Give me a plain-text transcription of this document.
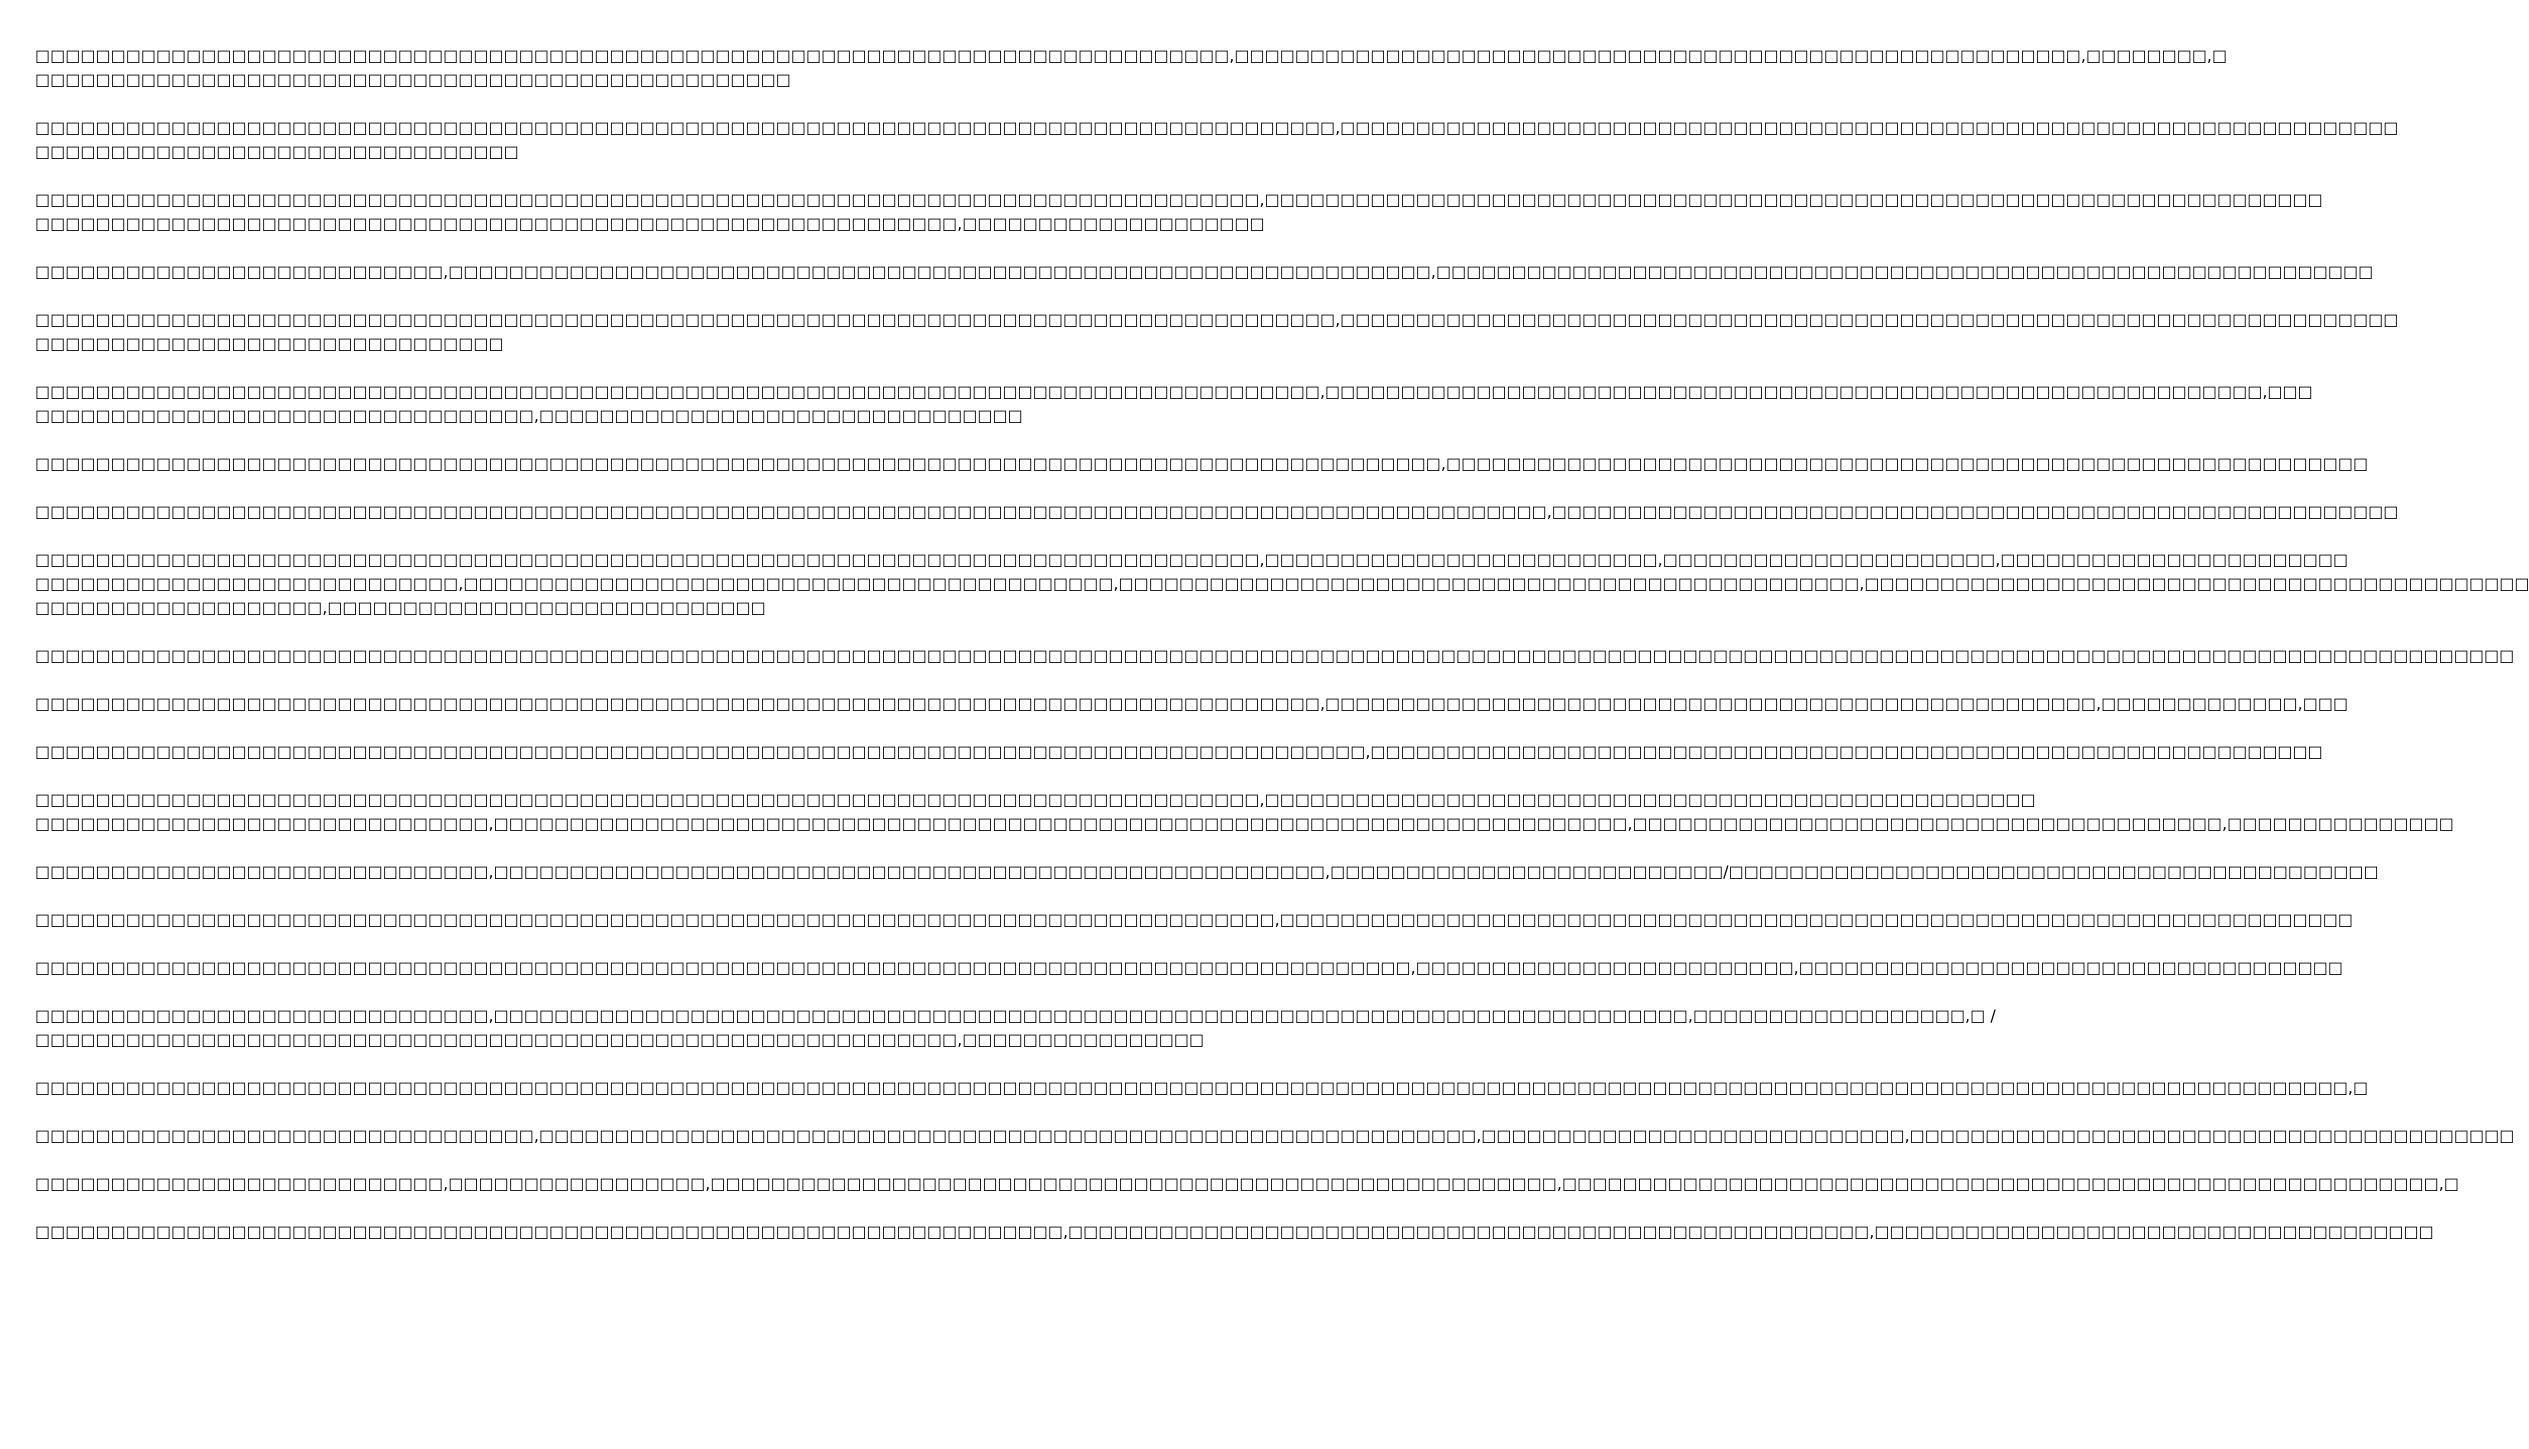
□□□□□□□□□□□□□□□□□□□□□□□□□□□□□□□□□□□□□□□□□□□□□□□□□□□□□□□□□□□□□□□□□□□□□□□□□□□□□□□,□□□□□□□□□□□□□□□□□□□□□□□□□□□□□□□□□□□□□□□□□□□□□□□□□□□□□□□□,□□□□□□□□,□
□□□□□□□□□□□□□□□□□□□□□□□□□□□□□□□□□□□□□□□□□□□□□□□□□□

□□□□□□□□□□□□□□□□□□□□□□□□□□□□□□□□□□□□□□□□□□□□□□□□□□□□□□□□□□□□□□□□□□□□□□□□□□□□□□□□□□□□□□,□□□□□□□□□□□□□□□□□□□□□□□□□□□□□□□□□□□□□□□□□□□□□□□□□□□□□□□□□□□□□□□□□□□□□□
□□□□□□□□□□□□□□□□□□□□□□□□□□□□□□□□

□□□□□□□□□□□□□□□□□□□□□□□□□□□□□□□□□□□□□□□□□□□□□□□□□□□□□□□□□□□□□□□□□□□□□□□□□□□□□□□□□,□□□□□□□□□□□□□□□□□□□□□□□□□□□□□□□□□□□□□□□□□□□□□□□□□□□□□□□□□□□□□□□□□□□□□□
□□□□□□□□□□□□□□□□□□□□□□□□□□□□□□□□□□□□□□□□□□□□□□□□□□□□□□□□□□□□□,□□□□□□□□□□□□□□□□□□□□

□□□□□□□□□□□□□□□□□□□□□□□□□□□,□□□□□□□□□□□□□□□□□□□□□□□□□□□□□□□□□□□□□□□□□□□□□□□□□□□□□□□□□□□□□□□□□,□□□□□□□□□□□□□□□□□□□□□□□□□□□□□□□□□□□□□□□□□□□□□□□□□□□□□□□□□□□□□□

□□□□□□□□□□□□□□□□□□□□□□□□□□□□□□□□□□□□□□□□□□□□□□□□□□□□□□□□□□□□□□□□□□□□□□□□□□□□□□□□□□□□□□,□□□□□□□□□□□□□□□□□□□□□□□□□□□□□□□□□□□□□□□□□□□□□□□□□□□□□□□□□□□□□□□□□□□□□□
□□□□□□□□□□□□□□□□□□□□□□□□□□□□□□□

□□□□□□□□□□□□□□□□□□□□□□□□□□□□□□□□□□□□□□□□□□□□□□□□□□□□□□□□□□□□□□□□□□□□□□□□□□□□□□□□□□□□□,□□□□□□□□□□□□□□□□□□□□□□□□□□□□□□□□□□□□□□□□□□□□□□□□□□□□□□□□□□□□□□,□□□
□□□□□□□□□□□□□□□□□□□□□□□□□□□□□□□□□,□□□□□□□□□□□□□□□□□□□□□□□□□□□□□□□□

□□□□□□□□□□□□□□□□□□□□□□□□□□□□□□□□□□□□□□□□□□□□□□□□□□□□□□□□□□□□□□□□□□□□□□□□□□□□□□□□□□□□□□□□□□□□□,□□□□□□□□□□□□□□□□□□□□□□□□□□□□□□□□□□□□□□□□□□□□□□□□□□□□□□□□□□□□□

□□□□□□□□□□□□□□□□□□□□□□□□□□□□□□□□□□□□□□□□□□□□□□□□□□□□□□□□□□□□□□□□□□□□□□□□□□□□□□□□□□□□□□□□□□□□□□□□□□□□,□□□□□□□□□□□□□□□□□□□□□□□□□□□□□□□□□□□□□□□□□□□□□□□□□□□□□□□□

□□□□□□□□□□□□□□□□□□□□□□□□□□□□□□□□□□□□□□□□□□□□□□□□□□□□□□□□□□□□□□□□□□□□□□□□□□□□□□□□□,□□□□□□□□□□□□□□□□□□□□□□□□□□,□□□□□□□□□□□□□□□□□□□□□□,□□□□□□□□□□□□□□□□□□□□□□□
□□□□□□□□□□□□□□□□□□□□□□□□□□□□,□□□□□□□□□□□□□□□□□□□□□□□□□□□□□□□□□□□□□□□□□□□,□□□□□□□□□□□□□□□□□□□□□□□□□□□□□□□□□□□□□□□□□□□□□□□□□,□□□□□□□□□□□□□□□□□□□□□□□□□□□□□□□□□□□□□□□□□□□□
□□□□□□□□□□□□□□□□□□□,□□□□□□□□□□□□□□□□□□□□□□□□□□□□□

□□□□□□□□□□□□□□□□□□□□□□□□□□□□□□□□□□□□□□□□□□□□□□□□□□□□□□□□□□□□□□□□□□□□□□□□□□□□□□□□□□□□□□□□□□□□□□□□□□□□□□□□□□□□□□□□□□□□□□□□□□□□□□□□□□□□□□□□□□□□□□□□□□□□□□□□□□□□□□□□□□□□

□□□□□□□□□□□□□□□□□□□□□□□□□□□□□□□□□□□□□□□□□□□□□□□□□□□□□□□□□□□□□□□□□□□□□□□□□□□□□□□□□□□□□,□□□□□□□□□□□□□□□□□□□□□□□□□□□□□□□□□□□□□□□□□□□□□□□□□□□,□□□□□□□□□□□□□,□□□

□□□□□□□□□□□□□□□□□□□□□□□□□□□□□□□□□□□□□□□□□□□□□□□□□□□□□□□□□□□□□□□□□□□□□□□□□□□□□□□□□□□□□□□□,□□□□□□□□□□□□□□□□□□□□□□□□□□□□□□□□□□□□□□□□□□□□□□□□□□□□□□□□□□□□□□□

□□□□□□□□□□□□□□□□□□□□□□□□□□□□□□□□□□□□□□□□□□□□□□□□□□□□□□□□□□□□□□□□□□□□□□□□□□□□□□□□□,□□□□□□□□□□□□□□□□□□□□□□□□□□□□□□□□□□□□□□□□□□□□□□□□□□□
□□□□□□□□□□□□□□□□□□□□□□□□□□□□□□,□□□□□□□□□□□□□□□□□□□□□□□□□□□□□□□□□□□□□□□□□□□□□□□□□□□□□□□□□□□□□□□□□□□□□□□□□□□,□□□□□□□□□□□□□□□□□□□□□□□□□□□□□□□□□□□□□□□,□□□□□□□□□□□□□□□

□□□□□□□□□□□□□□□□□□□□□□□□□□□□□□,□□□□□□□□□□□□□□□□□□□□□□□□□□□□□□□□□□□□□□□□□□□□□□□□□□□□□□□,□□□□□□□□□□□□□□□□□□□□□□□□□□/□□□□□□□□□□□□□□□□□□□□□□□□□□□□□□□□□□□□□□□□□□□

□□□□□□□□□□□□□□□□□□□□□□□□□□□□□□□□□□□□□□□□□□□□□□□□□□□□□□□□□□□□□□□□□□□□□□□□□□□□□□□□□□,□□□□□□□□□□□□□□□□□□□□□□□□□□□□□□□□□□□□□□□□□□□□□□□□□□□□□□□□□□□□□□□□□□□□□□□

□□□□□□□□□□□□□□□□□□□□□□□□□□□□□□□□□□□□□□□□□□□□□□□□□□□□□□□□□□□□□□□□□□□□□□□□□□□□□□□□□□□□□□□□□□□,□□□□□□□□□□□□□□□□□□□□□□□□□,□□□□□□□□□□□□□□□□□□□□□□□□□□□□□□□□□□□□

□□□□□□□□□□□□□□□□□□□□□□□□□□□□□□,□□□□□□□□□□□□□□□□□□□□□□□□□□□□□□□□□□□□□□□□□□□□□□□□□□□□□□□□□□□□□□□□□□□□□□□□□□□□□□□,□□□□□□□□□□□□□□□□□□,□ /
□□□□□□□□□□□□□□□□□□□□□□□□□□□□□□□□□□□□□□□□□□□□□□□□□□□□□□□□□□□□□,□□□□□□□□□□□□□□□□

□□□□□□□□□□□□□□□□□□□□□□□□□□□□□□□□□□□□□□□□□□□□□□□□□□□□□□□□□□□□□□□□□□□□□□□□□□□□□□□□□□□□□□□□□□□□□□□□□□□□□□□□□□□□□□□□□□□□□□□□□□□□□□□□□□□□□□□□□□□□□□□□□□□□□□□□□,□

□□□□□□□□□□□□□□□□□□□□□□□□□□□□□□□□□,□□□□□□□□□□□□□□□□□□□□□□□□□□□□□□□□□□□□□□□□□□□□□□□□□□□□□□□□□□□□□□,□□□□□□□□□□□□□□□□□□□□□□□□□□□□,□□□□□□□□□□□□□□□□□□□□□□□□□□□□□□□□□□□□□□□□

□□□□□□□□□□□□□□□□□□□□□□□□□□□,□□□□□□□□□□□□□□□□□,□□□□□□□□□□□□□□□□□□□□□□□□□□□□□□□□□□□□□□□□□□□□□□□□□□□□□□□□,□□□□□□□□□□□□□□□□□□□□□□□□□□□□□□□□□□□□□□□□□□□□□□□□□□□□□□□□□□,□

□□□□□□□□□□□□□□□□□□□□□□□□□□□□□□□□□□□□□□□□□□□□□□□□□□□□□□□□□□□□□□□□□□□□,□□□□□□□□□□□□□□□□□□□□□□□□□□□□□□□□□□□□□□□□□□□□□□□□□□□□□,□□□□□□□□□□□□□□□□□□□□□□□□□□□□□□□□□□□□□
